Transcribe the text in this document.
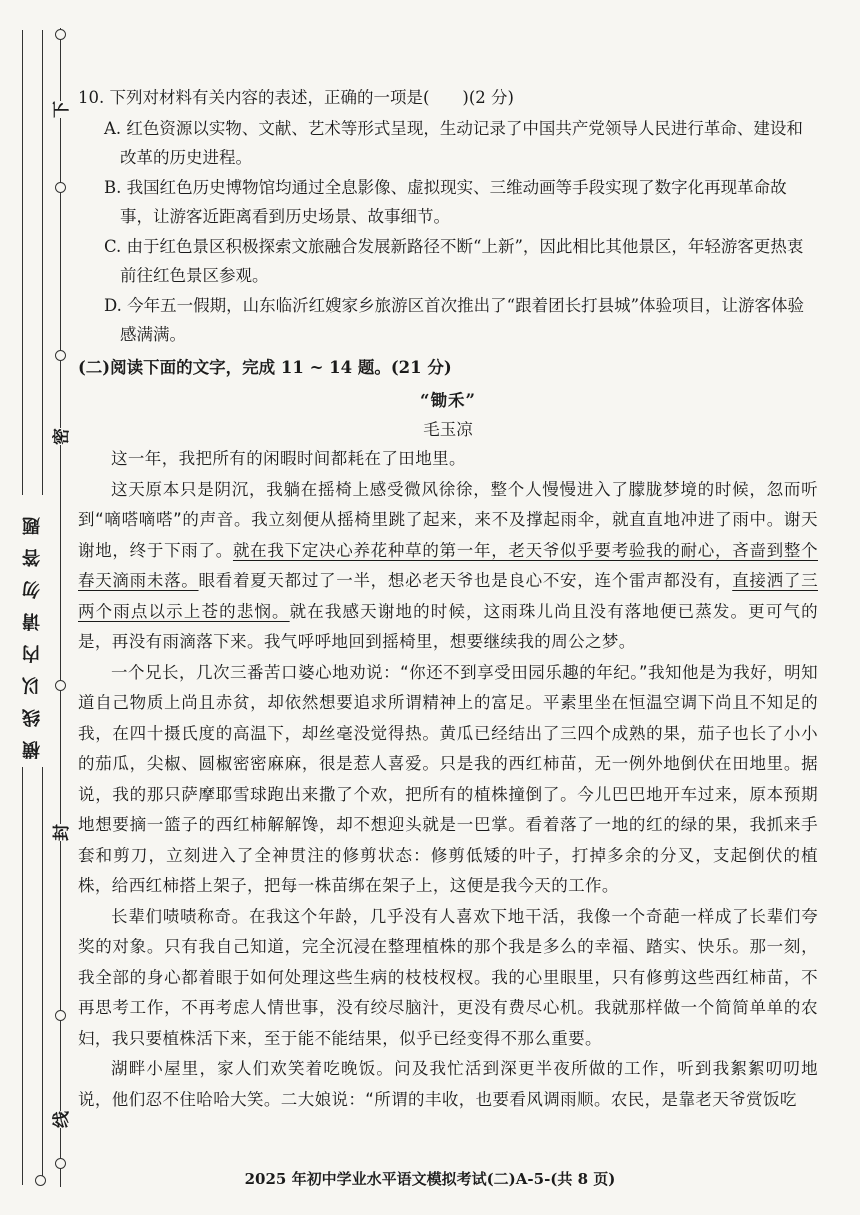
下
密
封
线
横线以内请勿答题

10. 下列对材料有关内容的表述，正确的一项是(　　)(2 分)

A. 红色资源以实物、文献、艺术等形式呈现，生动记录了中国共产党领导人民进行革命、建设和改革的历史进程。

B. 我国红色历史博物馆均通过全息影像、虚拟现实、三维动画等手段实现了数字化再现革命故事，让游客近距离看到历史场景、故事细节。

C. 由于红色景区积极探索文旅融合发展新路径不断“上新”，因此相比其他景区，年轻游客更热衷前往红色景区参观。

D. 今年五一假期，山东临沂红嫂家乡旅游区首次推出了“跟着团长打县城”体验项目，让游客体验感满满。

(二)阅读下面的文字，完成 11 ~ 14 题。(21 分)

“锄禾”

毛玉凉

这一年，我把所有的闲暇时间都耗在了田地里。

这天原本只是阴沉，我躺在摇椅上感受微风徐徐，整个人慢慢进入了朦胧梦境的时候，忽而听到“嘀嗒嘀嗒”的声音。我立刻便从摇椅里跳了起来，来不及撑起雨伞，就直直地冲进了雨中。谢天谢地，终于下雨了。就在我下定决心养花种草的第一年，老天爷似乎要考验我的耐心，吝啬到整个春天滴雨未落。眼看着夏天都过了一半，想必老天爷也是良心不安，连个雷声都没有，直接洒了三两个雨点以示上苍的悲悯。就在我感天谢地的时候，这雨珠儿尚且没有落地便已蒸发。更可气的是，再没有雨滴落下来。我气呼呼地回到摇椅里，想要继续我的周公之梦。

一个兄长，几次三番苦口婆心地劝说：“你还不到享受田园乐趣的年纪。”我知他是为我好，明知道自己物质上尚且赤贫，却依然想要追求所谓精神上的富足。平素里坐在恒温空调下尚且不知足的我，在四十摄氏度的高温下，却丝毫没觉得热。黄瓜已经结出了三四个成熟的果，茄子也长了小小的茄瓜，尖椒、圆椒密密麻麻，很是惹人喜爱。只是我的西红柿苗，无一例外地倒伏在田地里。据说，我的那只萨摩耶雪球跑出来撒了个欢，把所有的植株撞倒了。今儿巴巴地开车过来，原本预期地想要摘一篮子的西红柿解解馋，却不想迎头就是一巴掌。看着落了一地的红的绿的果，我抓来手套和剪刀，立刻进入了全神贯注的修剪状态：修剪低矮的叶子，打掉多余的分叉，支起倒伏的植株，给西红柿搭上架子，把每一株苗绑在架子上，这便是我今天的工作。

长辈们啧啧称奇。在我这个年龄，几乎没有人喜欢下地干活，我像一个奇葩一样成了长辈们夸奖的对象。只有我自己知道，完全沉浸在整理植株的那个我是多么的幸福、踏实、快乐。那一刻，我全部的身心都着眼于如何处理这些生病的枝枝杈杈。我的心里眼里，只有修剪这些西红柿苗，不再思考工作，不再考虑人情世事，没有绞尽脑汁，更没有费尽心机。我就那样做一个简简单单的农妇，我只要植株活下来，至于能不能结果，似乎已经变得不那么重要。

湖畔小屋里，家人们欢笑着吃晚饭。问及我忙活到深更半夜所做的工作，听到我絮絮叨叨地说，他们忍不住哈哈大笑。二大娘说：“所谓的丰收，也要看风调雨顺。农民，是靠老天爷赏饭吃

2025 年初中学业水平语文模拟考试(二)A-5-(共 8 页)
